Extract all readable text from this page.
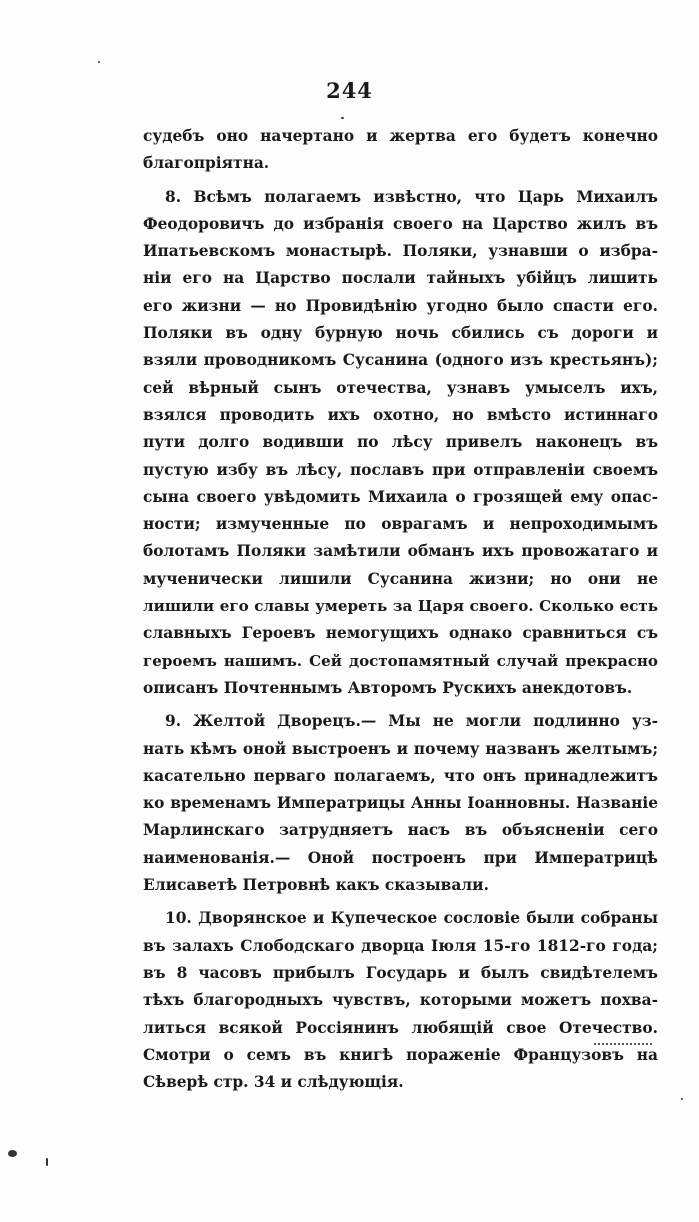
244
судебъ оно начертано и жертва его будетъ конечно
благопріятна.
8. Всѣмъ полагаемъ извѣстно, что Царь Михаилъ
Феодоровичъ до избранія своего на Царство жилъ въ
Ипатьевскомъ монастырѣ. Поляки, узнавши о избра-
ніи его на Царство послали тайныхъ убійцъ лишить
его жизни — но Провидѣнію угодно было спасти его.
Поляки въ одну бурную ночь сбились съ дороги и
взяли проводникомъ Сусанина (одного изъ крестьянъ);
сей вѣрный сынъ отечества, узнавъ умыселъ ихъ,
взялся проводить ихъ охотно, но вмѣсто истиннаго
пути долго водивши по лѣсу привелъ наконецъ въ
пустую избу въ лѣсу, пославъ при отправленіи своемъ
сына своего увѣдомить Михаила о грозящей ему опас-
ности; измученные по оврагамъ и непроходимымъ
болотамъ Поляки замѣтили обманъ ихъ провожатаго и
мученически лишили Сусанина жизни; но они не
лишили его славы умереть за Царя своего. Сколько есть
славныхъ Героевъ немогущихъ однако сравниться съ
героемъ нашимъ. Сей достопамятный случай прекрасно
описанъ Почтеннымъ Авторомъ Рускихъ анекдотовъ.
9. Желтой Дворецъ.— Мы не могли подлинно уз-
нать кѣмъ оной выстроенъ и почему названъ желтымъ;
касательно перваго полагаемъ, что онъ принадлежитъ
ко временамъ Императрицы Анны Іоанновны. Названіе
Марлинскаго затрудняетъ насъ въ объясненіи сего
наименованія.— Оной построенъ при Императрицѣ
Елисаветѣ Петровнѣ какъ сказывали.
10. Дворянское и Купеческое сословіе были собраны
въ залахъ Слободскаго дворца Іюля 15-го 1812-го года;
въ 8 часовъ прибылъ Государь и былъ свидѣтелемъ
тѣхъ благородныхъ чувствъ, которыми можетъ похва-
литься всякой Россіянинъ любящій свое Отечество.
Смотри о семъ въ книгѣ пораженіе Французовъ на
Сѣверѣ стр. 34 и слѣдующія.
